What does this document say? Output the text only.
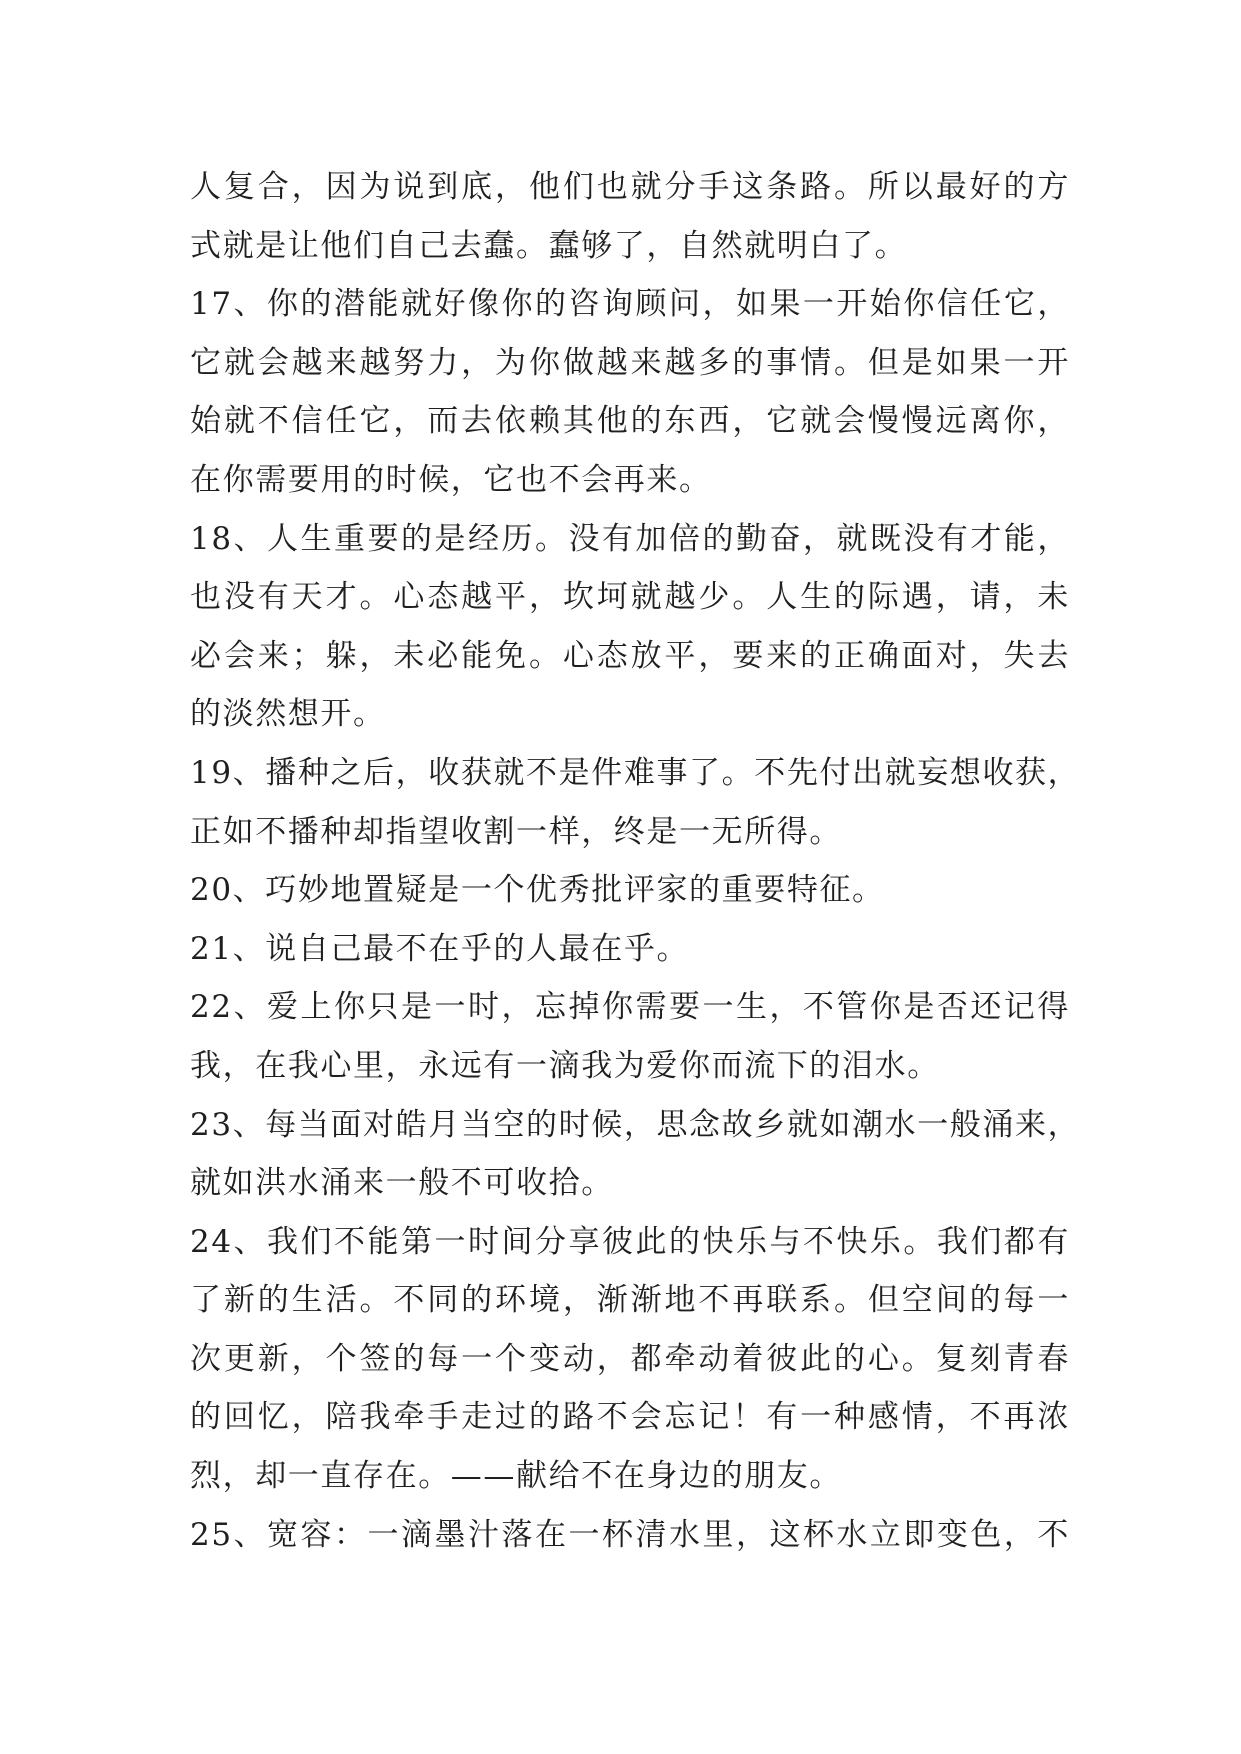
人复合，因为说到底，他们也就分手这条路。所以最好的方
式就是让他们自己去蠢。蠢够了，自然就明白了。
17、你的潜能就好像你的咨询顾问，如果一开始你信任它，
它就会越来越努力，为你做越来越多的事情。但是如果一开
始就不信任它，而去依赖其他的东西，它就会慢慢远离你，
在你需要用的时候，它也不会再来。
18、人生重要的是经历。没有加倍的勤奋，就既没有才能，
也没有天才。心态越平，坎坷就越少。人生的际遇，请，未
必会来；躲，未必能免。心态放平，要来的正确面对，失去
的淡然想开。
19、播种之后，收获就不是件难事了。不先付出就妄想收获，
正如不播种却指望收割一样，终是一无所得。
20、巧妙地置疑是一个优秀批评家的重要特征。
21、说自己最不在乎的人最在乎。
22、爱上你只是一时，忘掉你需要一生，不管你是否还记得
我，在我心里，永远有一滴我为爱你而流下的泪水。
23、每当面对皓月当空的时候，思念故乡就如潮水一般涌来，
就如洪水涌来一般不可收拾。
24、我们不能第一时间分享彼此的快乐与不快乐。我们都有
了新的生活。不同的环境，渐渐地不再联系。但空间的每一
次更新，个签的每一个变动，都牵动着彼此的心。复刻青春
的回忆，陪我牵手走过的路不会忘记！有一种感情，不再浓
烈，却一直存在。——献给不在身边的朋友。
25、宽容：一滴墨汁落在一杯清水里，这杯水立即变色，不
